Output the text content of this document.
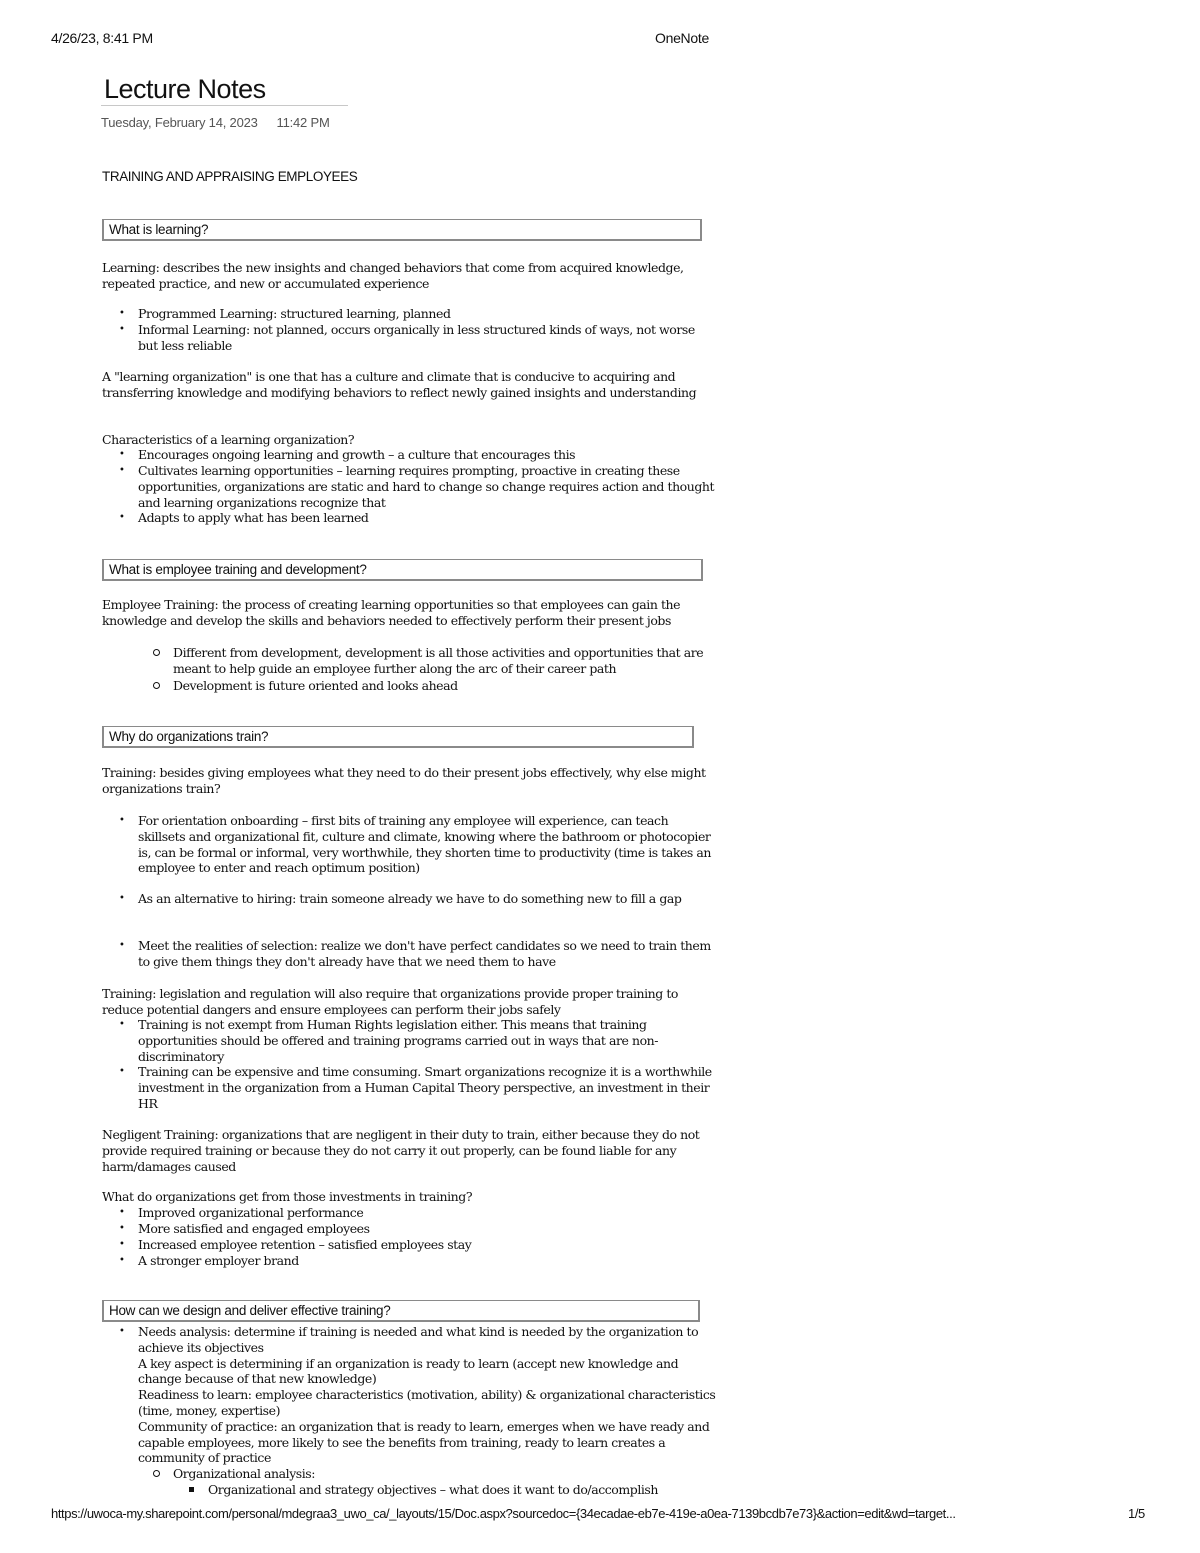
4/26/23, 8:41 PM	OneNote
Lecture Notes
Tuesday, February 14, 2023 11:42 PM
TRAINING AND APPRAISING EMPLOYEES
What is learning?
Learning: describes the new insights and changed behaviors that come from acquired knowledge, repeated practice, and new or accumulated experience
• Programmed Learning: structured learning, planned
• Informal Learning: not planned, occurs organically in less structured kinds of ways, not worse but less reliable
A "learning organization" is one that has a culture and climate that is conducive to acquiring and transferring knowledge and modifying behaviors to reflect newly gained insights and understanding
Characteristics of a learning organization?
• Encourages ongoing learning and growth – a culture that encourages this
• Cultivates learning opportunities – learning requires prompting, proactive in creating these opportunities, organizations are static and hard to change so change requires action and thought and learning organizations recognize that
• Adapts to apply what has been learned
What is employee training and development?
Employee Training: the process of creating learning opportunities so that employees can gain the knowledge and develop the skills and behaviors needed to effectively perform their present jobs
Different from development, development is all those activities and opportunities that are meant to help guide an employee further along the arc of their career path
Development is future oriented and looks ahead
Why do organizations train?
Training: besides giving employees what they need to do their present jobs effectively, why else might organizations train?
• For orientation onboarding – first bits of training any employee will experience, can teach skillsets and organizational fit, culture and climate, knowing where the bathroom or photocopier is, can be formal or informal, very worthwhile, they shorten time to productivity (time is takes an employee to enter and reach optimum position)
• As an alternative to hiring: train someone already we have to do something new to fill a gap
• Meet the realities of selection: realize we don't have perfect candidates so we need to train them to give them things they don't already have that we need them to have
Training: legislation and regulation will also require that organizations provide proper training to reduce potential dangers and ensure employees can perform their jobs safely
• Training is not exempt from Human Rights legislation either. This means that training opportunities should be offered and training programs carried out in ways that are non-discriminatory
• Training can be expensive and time consuming. Smart organizations recognize it is a worthwhile investment in the organization from a Human Capital Theory perspective, an investment in their HR
Negligent Training: organizations that are negligent in their duty to train, either because they do not provide required training or because they do not carry it out properly, can be found liable for any harm/damages caused
What do organizations get from those investments in training?
• Improved organizational performance
• More satisfied and engaged employees
• Increased employee retention – satisfied employees stay
• A stronger employer brand
How can we design and deliver effective training?
• Needs analysis: determine if training is needed and what kind is needed by the organization to achieve its objectives
A key aspect is determining if an organization is ready to learn (accept new knowledge and change because of that new knowledge)
Readiness to learn: employee characteristics (motivation, ability) & organizational characteristics (time, money, expertise)
Community of practice: an organization that is ready to learn, emerges when we have ready and capable employees, more likely to see the benefits from training, ready to learn creates a community of practice
Organizational analysis:
Organizational and strategy objectives – what does it want to do/accomplish
https://uwoca-my.sharepoint.com/personal/mdegraa3_uwo_ca/_layouts/15/Doc.aspx?sourcedoc={34ecadae-eb7e-419e-a0ea-7139bcdb7e73}&action=edit&wd=target...	1/5
